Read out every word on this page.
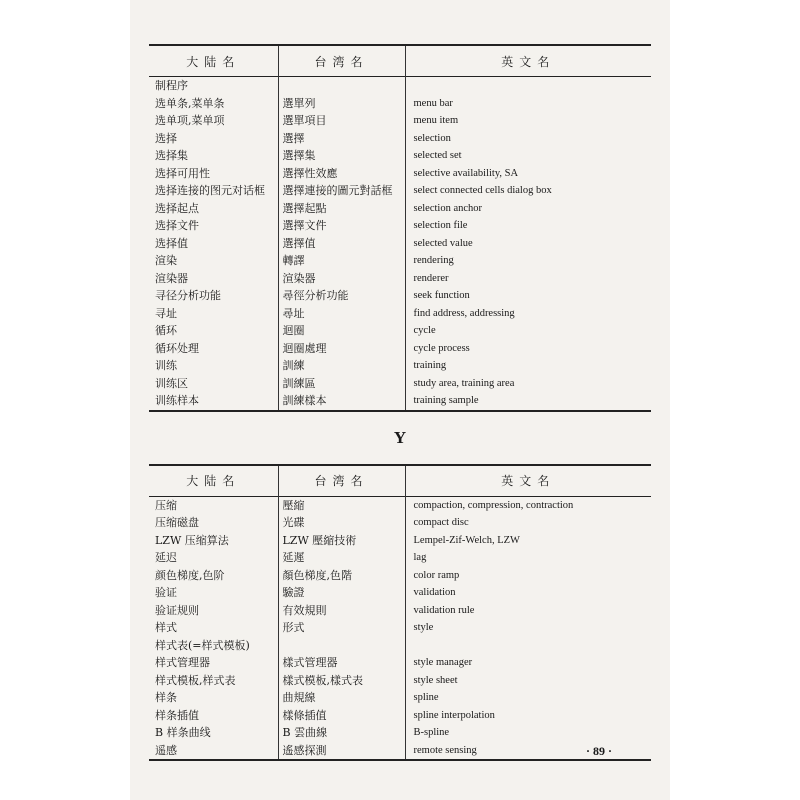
大陆名	台湾名	英文名
制程序		
选单条,菜单条	選單列	menu bar
选单项,菜单项	選單項目	menu item
选择	選擇	selection
选择集	選擇集	selected set
选择可用性	選擇性效應	selective availability, SA
选择连接的图元对话框	選擇連接的圖元對話框	select connected cells dialog box
选择起点	選擇起點	selection anchor
选择文件	選擇文件	selection file
选择值	選擇值	selected value
渲染	轉譯	rendering
渲染器	渲染器	renderer
寻径分析功能	尋徑分析功能	seek function
寻址	尋址	find address, addressing
循环	迴圈	cycle
循环处理	迴圈處理	cycle process
训练	訓練	training
训练区	訓練區	study area, training area
训练样本	訓練樣本	training sample
Y
大陆名	台湾名	英文名
压缩	壓縮	compaction, compression, contraction
压缩磁盘	光碟	compact disc
LZW 压缩算法	LZW 壓縮技術	Lempel-Zif-Welch, LZW
延迟	延遲	lag
颜色梯度,色阶	顏色梯度,色階	color ramp
验证	驗證	validation
验证规则	有效規則	validation rule
样式	形式	style
样式表(=样式模板)		
样式管理器	樣式管理器	style manager
样式模板,样式表	樣式模板,樣式表	style sheet
样条	曲規線	spline
样条插值	樣條插值	spline interpolation
B 样条曲线	B 雲曲線	B-spline
遥感	遙感探測	remote sensing	· 89 ·
